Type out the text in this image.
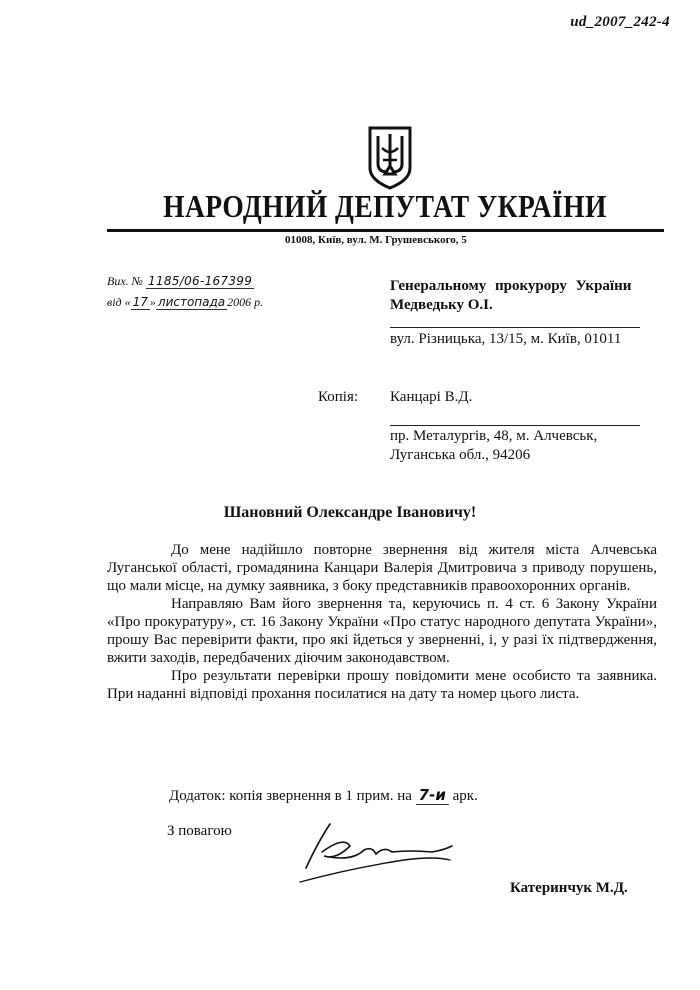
ud_2007_242-4
НАРОДНИЙ ДЕПУТАТ УКРАЇНИ
01008, Київ, вул. М. Грушевського, 5
Вих. № 1185/06-167399
від « 17 » листопада 2006 р.
Генеральному прокурору України
Медведьку О.І.
вул. Різницька, 13/15, м. Київ, 01011
Копія: Канцарі В.Д.
пр. Металургів, 48, м. Алчевськ,
Луганська обл., 94206
Шановний Олександре Івановичу!

До мене надійшло повторне звернення від жителя міста Алчевська Луганської області, громадянина Канцари Валерія Дмитровича з приводу порушень, що мали місце, на думку заявника, з боку представників правоохоронних органів.

Направляю Вам його звернення та, керуючись п. 4 ст. 6 Закону України «Про прокуратуру», ст. 16 Закону України «Про статус народного депутата України», прошу Вас перевірити факти, про які йдеться у зверненні, і, у разі їх підтвердження, вжити заходів, передбачених діючим законодавством.

Про результати перевірки прошу повідомити мене особисто та заявника. При наданні відповіді прохання посилатися на дату та номер цього листа.

Додаток: копія звернення в 1 прим. на 7-и арк.
З повагою
Катеринчук М.Д.
